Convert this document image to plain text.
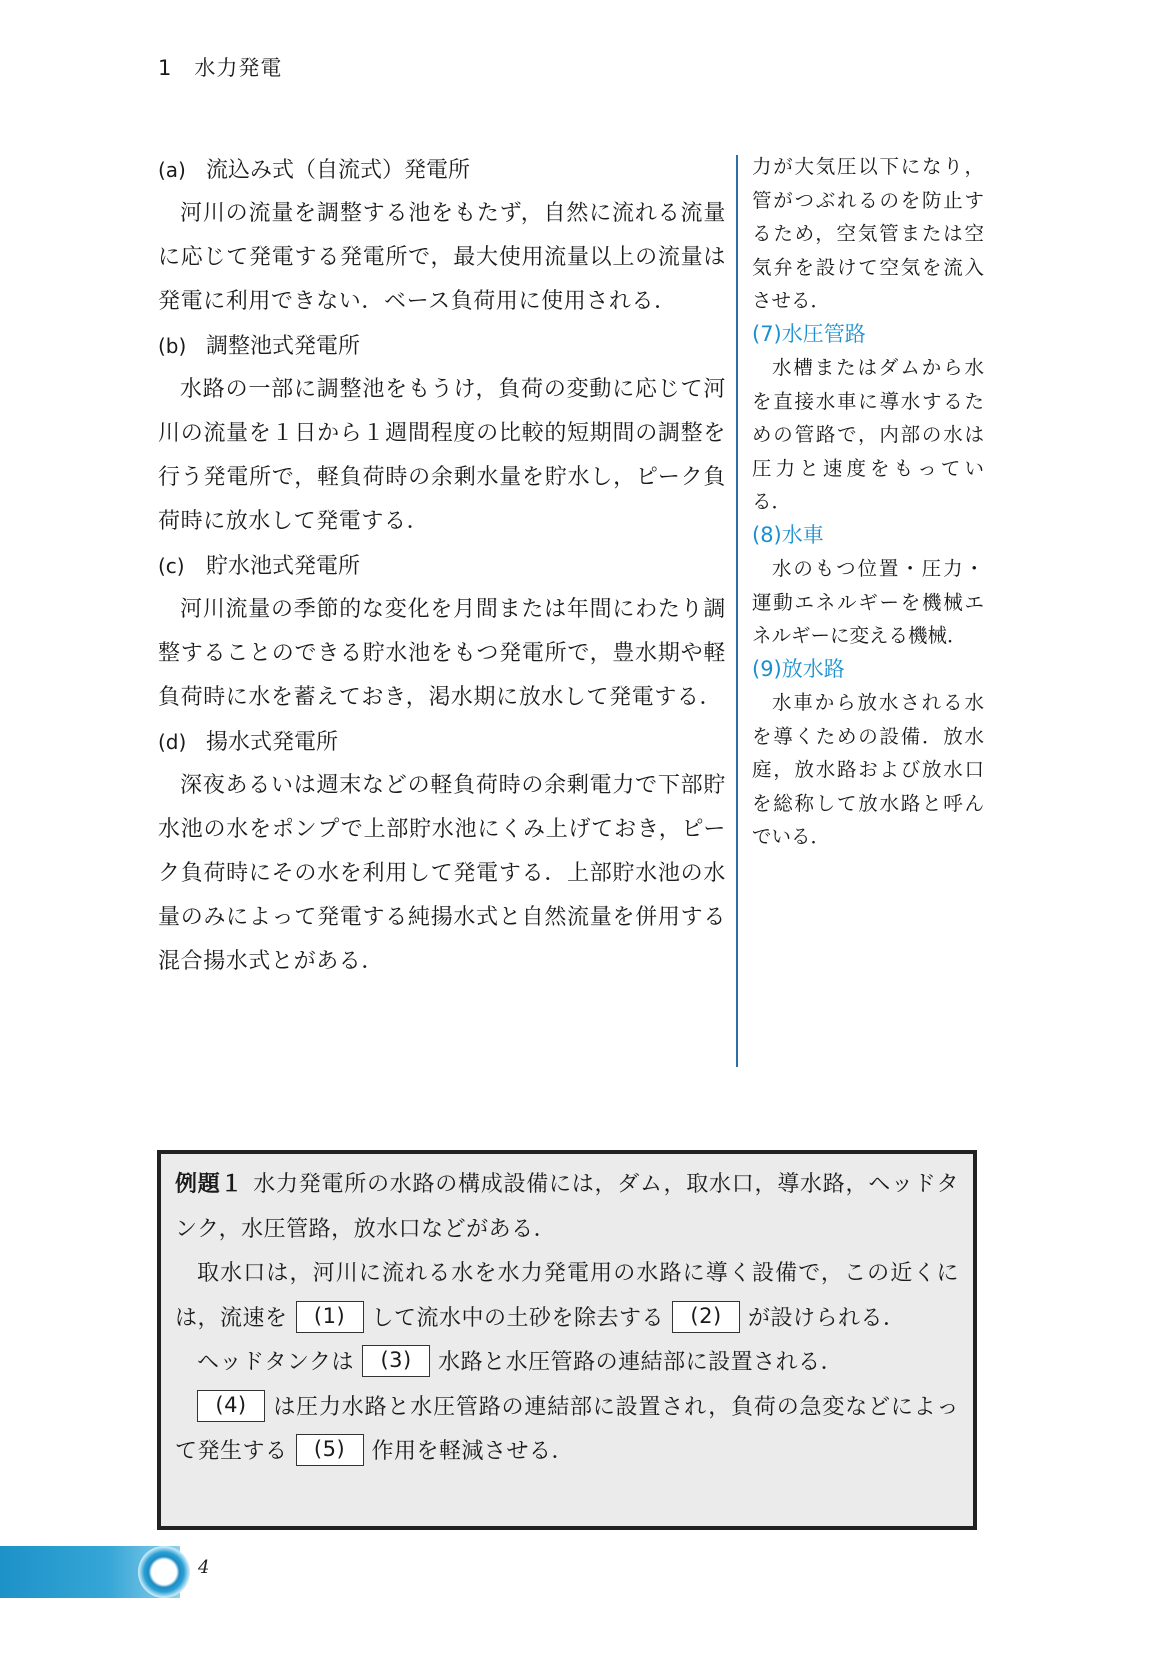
1 水力発電
(a) 流込み式（自流式）発電所

河川の流量を調整する池をもたず，自然に流れる流量に応じて発電する発電所で，最大使用流量以上の流量は発電に利用できない．ベース負荷用に使用される．

(b) 調整池式発電所

水路の一部に調整池をもうけ，負荷の変動に応じて河川の流量を１日から１週間程度の比較的短期間の調整を行う発電所で，軽負荷時の余剰水量を貯水し，ピーク負荷時に放水して発電する．

(c) 貯水池式発電所

河川流量の季節的な変化を月間または年間にわたり調整することのできる貯水池をもつ発電所で，豊水期や軽負荷時に水を蓄えておき，渇水期に放水して発電する．

(d) 揚水式発電所

深夜あるいは週末などの軽負荷時の余剰電力で下部貯水池の水をポンプで上部貯水池にくみ上げておき，ピーク負荷時にその水を利用して発電する．上部貯水池の水量のみによって発電する純揚水式と自然流量を併用する混合揚水式とがある．

力が大気圧以下になり，管がつぶれるのを防止するため，空気管または空気弁を設けて空気を流入させる．

(7)水圧管路

水槽またはダムから水を直接水車に導水するための管路で，内部の水は圧力と速度をもっている．

(8)水車

水のもつ位置・圧力・運動エネルギーを機械エネルギーに変える機械．

(9)放水路

水車から放水される水を導くための設備．放水庭，放水路および放水口を総称して放水路と呼んでいる．

例題１ 水力発電所の水路の構成設備には，ダム，取水口，導水路，ヘッドタンク，水圧管路，放水口などがある．

取水口は，河川に流れる水を水力発電用の水路に導く設備で，この近くには，流速を (1) して流水中の土砂を除去する (2) が設けられる．

ヘッドタンクは (3) 水路と水圧管路の連結部に設置される．

(4) は圧力水路と水圧管路の連結部に設置され，負荷の急変などによって発生する (5) 作用を軽減させる．

4
